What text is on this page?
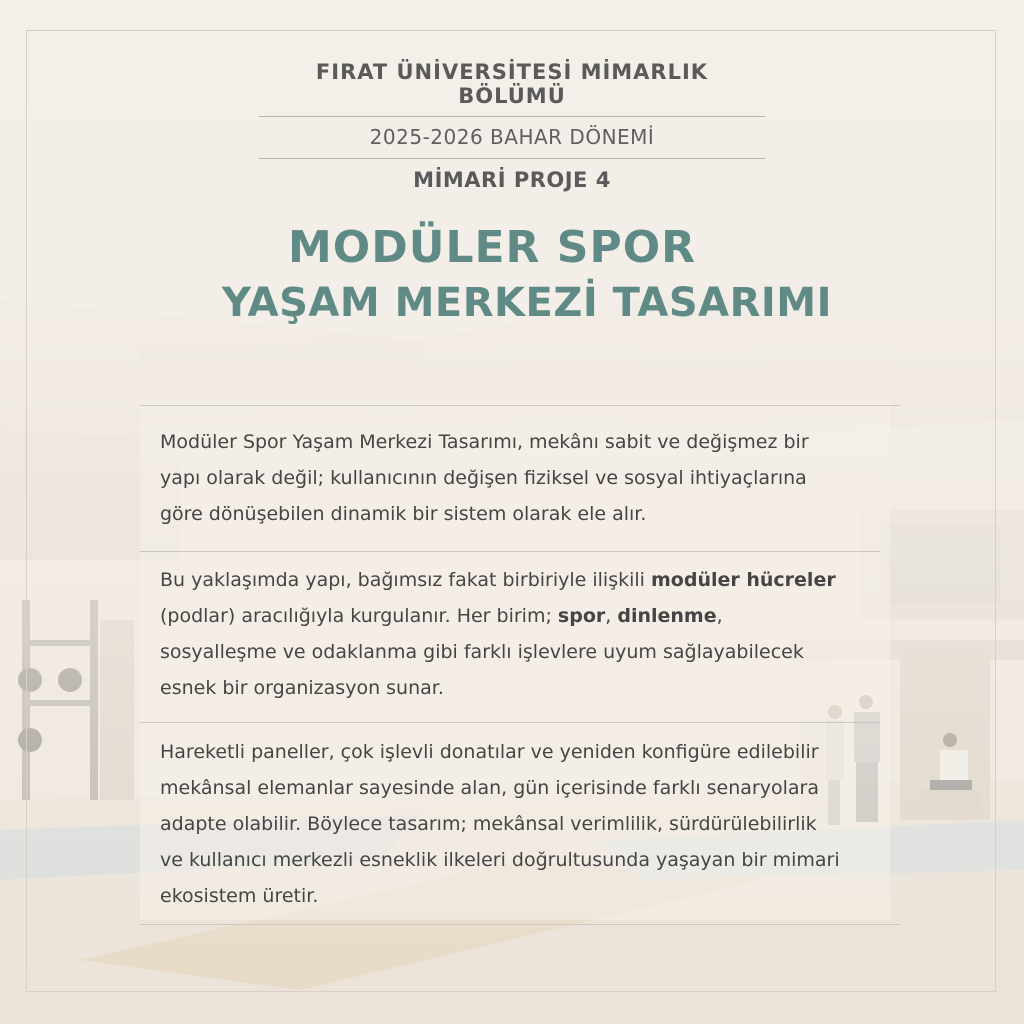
FIRAT ÜNİVERSİTESİ MİMARLIK BÖLÜMÜ
2025-2026 BAHAR DÖNEMİ
MİMARİ PROJE 4
MODÜLER SPOR
YAŞAM MERKEZİ TASARIMI
Modüler Spor Yaşam Merkezi Tasarımı, mekânı sabit ve değişmez bir yapı olarak değil; kullanıcının değişen fiziksel ve sosyal ihtiyaçlarına göre dönüşebilen dinamik bir sistem olarak ele alır.
Bu yaklaşımda yapı, bağımsız fakat birbiriyle ilişkili modüler hücreler (podlar) aracılığıyla kurgulanır. Her birim; spor, dinlenme, sosyalleşme ve odaklanma gibi farklı işlevlere uyum sağlayabilecek esnek bir organizasyon sunar.
Hareketli paneller, çok işlevli donatılar ve yeniden konfigüre edilebilir mekânsal elemanlar sayesinde alan, gün içerisinde farklı senaryolara adapte olabilir. Böylece tasarım; mekânsal verimlilik, sürdürülebilirlik ve kullanıcı merkezli esneklik ilkeleri doğrultusunda yaşayan bir mimari ekosistem üretir.
